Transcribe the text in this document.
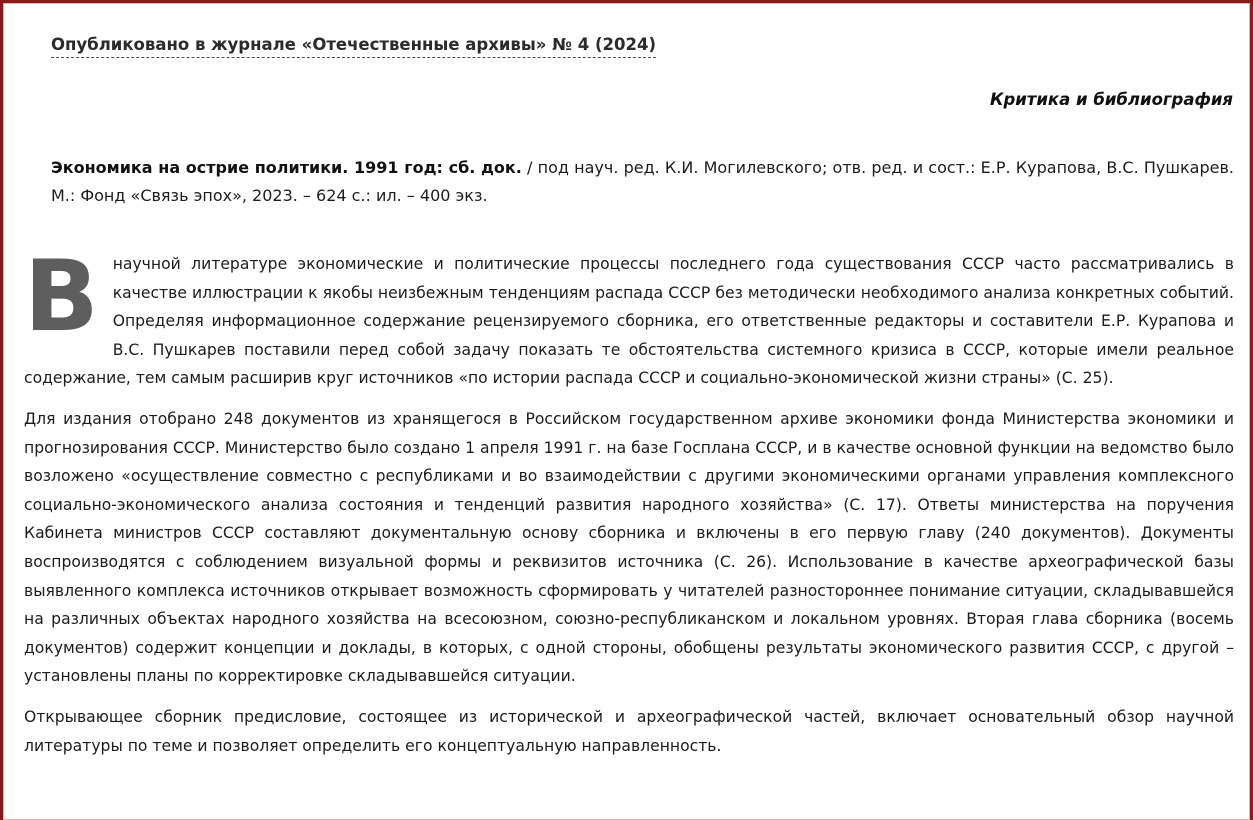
Опубликовано в журнале «Отечественные архивы» № 4 (2024)
Критика и библиография
Экономика на острие политики. 1991 год: сб. док. / под науч. ред. К.И. Могилевского; отв. ред. и сост.: Е.Р. Курапова, В.С. Пушкарев. М.: Фонд «Связь эпох», 2023. – 624 с.: ил. – 400 экз.

Внаучной литературе экономические и политические процессы последнего года существования СССР часто рассматривались в качестве иллюстрации к якобы неизбежным тенденциям распада СССР без методически необходимого анализа конкретных событий. Определяя информационное содержание рецензируемого сборника, его ответственные редакторы и составители Е.Р. Курапова и В.С. Пушкарев поставили перед собой задачу показать те обстоятельства системного кризиса в СССР, которые имели реальное содержание, тем самым расширив круг источников «по истории распада СССР и социально-экономической жизни страны» (С. 25).

Для издания отобрано 248 документов из хранящегося в Российском государственном архиве экономики фонда Министерства экономики и прогнозирования СССР. Министерство было создано 1 апреля 1991 г. на базе Госплана СССР, и в качестве основной функции на ведомство было возложено «осуществление совместно с республиками и во взаимодействии с другими экономическими органами управления комплексного социально-экономического анализа состояния и тенденций развития народного хозяйства» (С. 17). Ответы министерства на поручения Кабинета министров СССР составляют документальную основу сборника и включены в его первую главу (240 документов). Документы воспроизводятся с соблюдением визуальной формы и реквизитов источника (С. 26). Использование в качестве археографической базы выявленного комплекса источников открывает возможность сформировать у читателей разностороннее понимание ситуации, складывавшейся на различных объектах народного хозяйства на всесоюзном, союзно-республиканском и локальном уровнях. Вторая глава сборника (восемь документов) содержит концепции и доклады, в которых, с одной стороны, обобщены результаты экономического развития СССР, с другой – установлены планы по корректировке складывавшейся ситуации.

Открывающее сборник предисловие, состоящее из исторической и археографической частей, включает основательный обзор научной литературы по теме и позволяет определить его концептуальную направленность.
